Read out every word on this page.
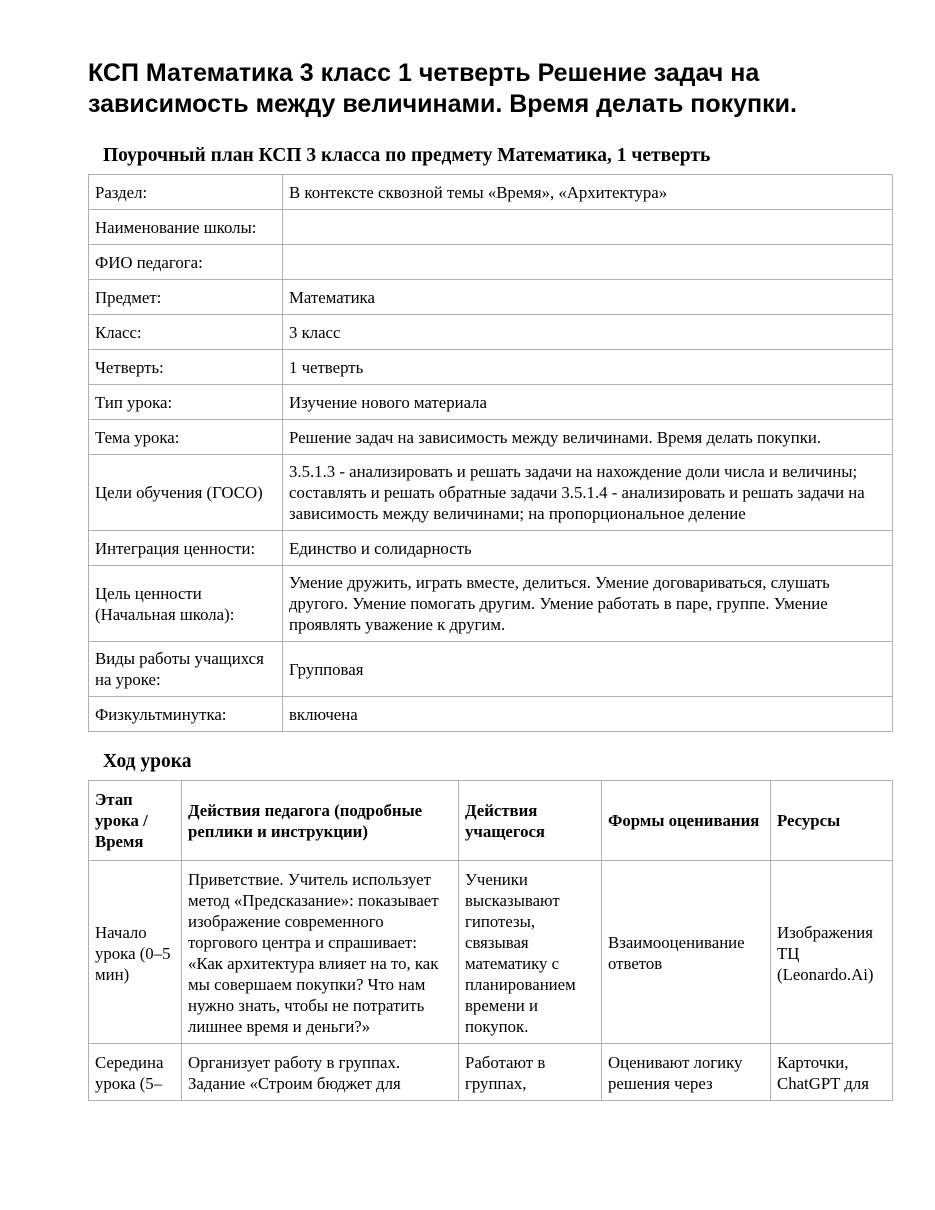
КСП Математика 3 класс 1 четверть Решение задач на зависимость между величинами. Время делать покупки.
Поурочный план КСП 3 класса по предмету Математика, 1 четверть
Раздел:	В контексте сквозной темы «Время», «Архитектура»
Наименование школы:	
ФИО педагога:	
Предмет:	Математика
Класс:	3 класс
Четверть:	1 четверть
Тип урока:	Изучение нового материала
Тема урока:	Решение задач на зависимость между величинами. Время делать покупки.
Цели обучения (ГОСО)	3.5.1.3 - анализировать и решать задачи на нахождение доли числа и величины; составлять и решать обратные задачи 3.5.1.4 - анализировать и решать задачи на зависимость между величинами; на пропорциональное деление
Интеграция ценности:	Единство и солидарность
Цель ценности (Начальная школа):	Умение дружить, играть вместе, делиться. Умение договариваться, слушать другого. Умение помогать другим. Умение работать в паре, группе. Умение проявлять уважение к другим.
Виды работы учащихся на уроке:	Групповая
Физкультминутка:	включена
Ход урока
Этап урока / Время	Действия педагога (подробные реплики и инструкции)	Действия учащегося	Формы оценивания	Ресурсы
Начало урока (0–5 мин)	Приветствие. Учитель использует метод «Предсказание»: показывает изображение современного торгового центра и спрашивает: «Как архитектура влияет на то, как мы совершаем покупки? Что нам нужно знать, чтобы не потратить лишнее время и деньги?»	Ученики высказывают гипотезы, связывая математику с планированием времени и покупок.	Взаимооценивание ответов	Изображения ТЦ (Leonardo.Ai)
Середина урока (5–	Организует работу в группах. Задание «Строим бюджет для	Работают в группах,	Оценивают логику решения через	Карточки, ChatGPT для
